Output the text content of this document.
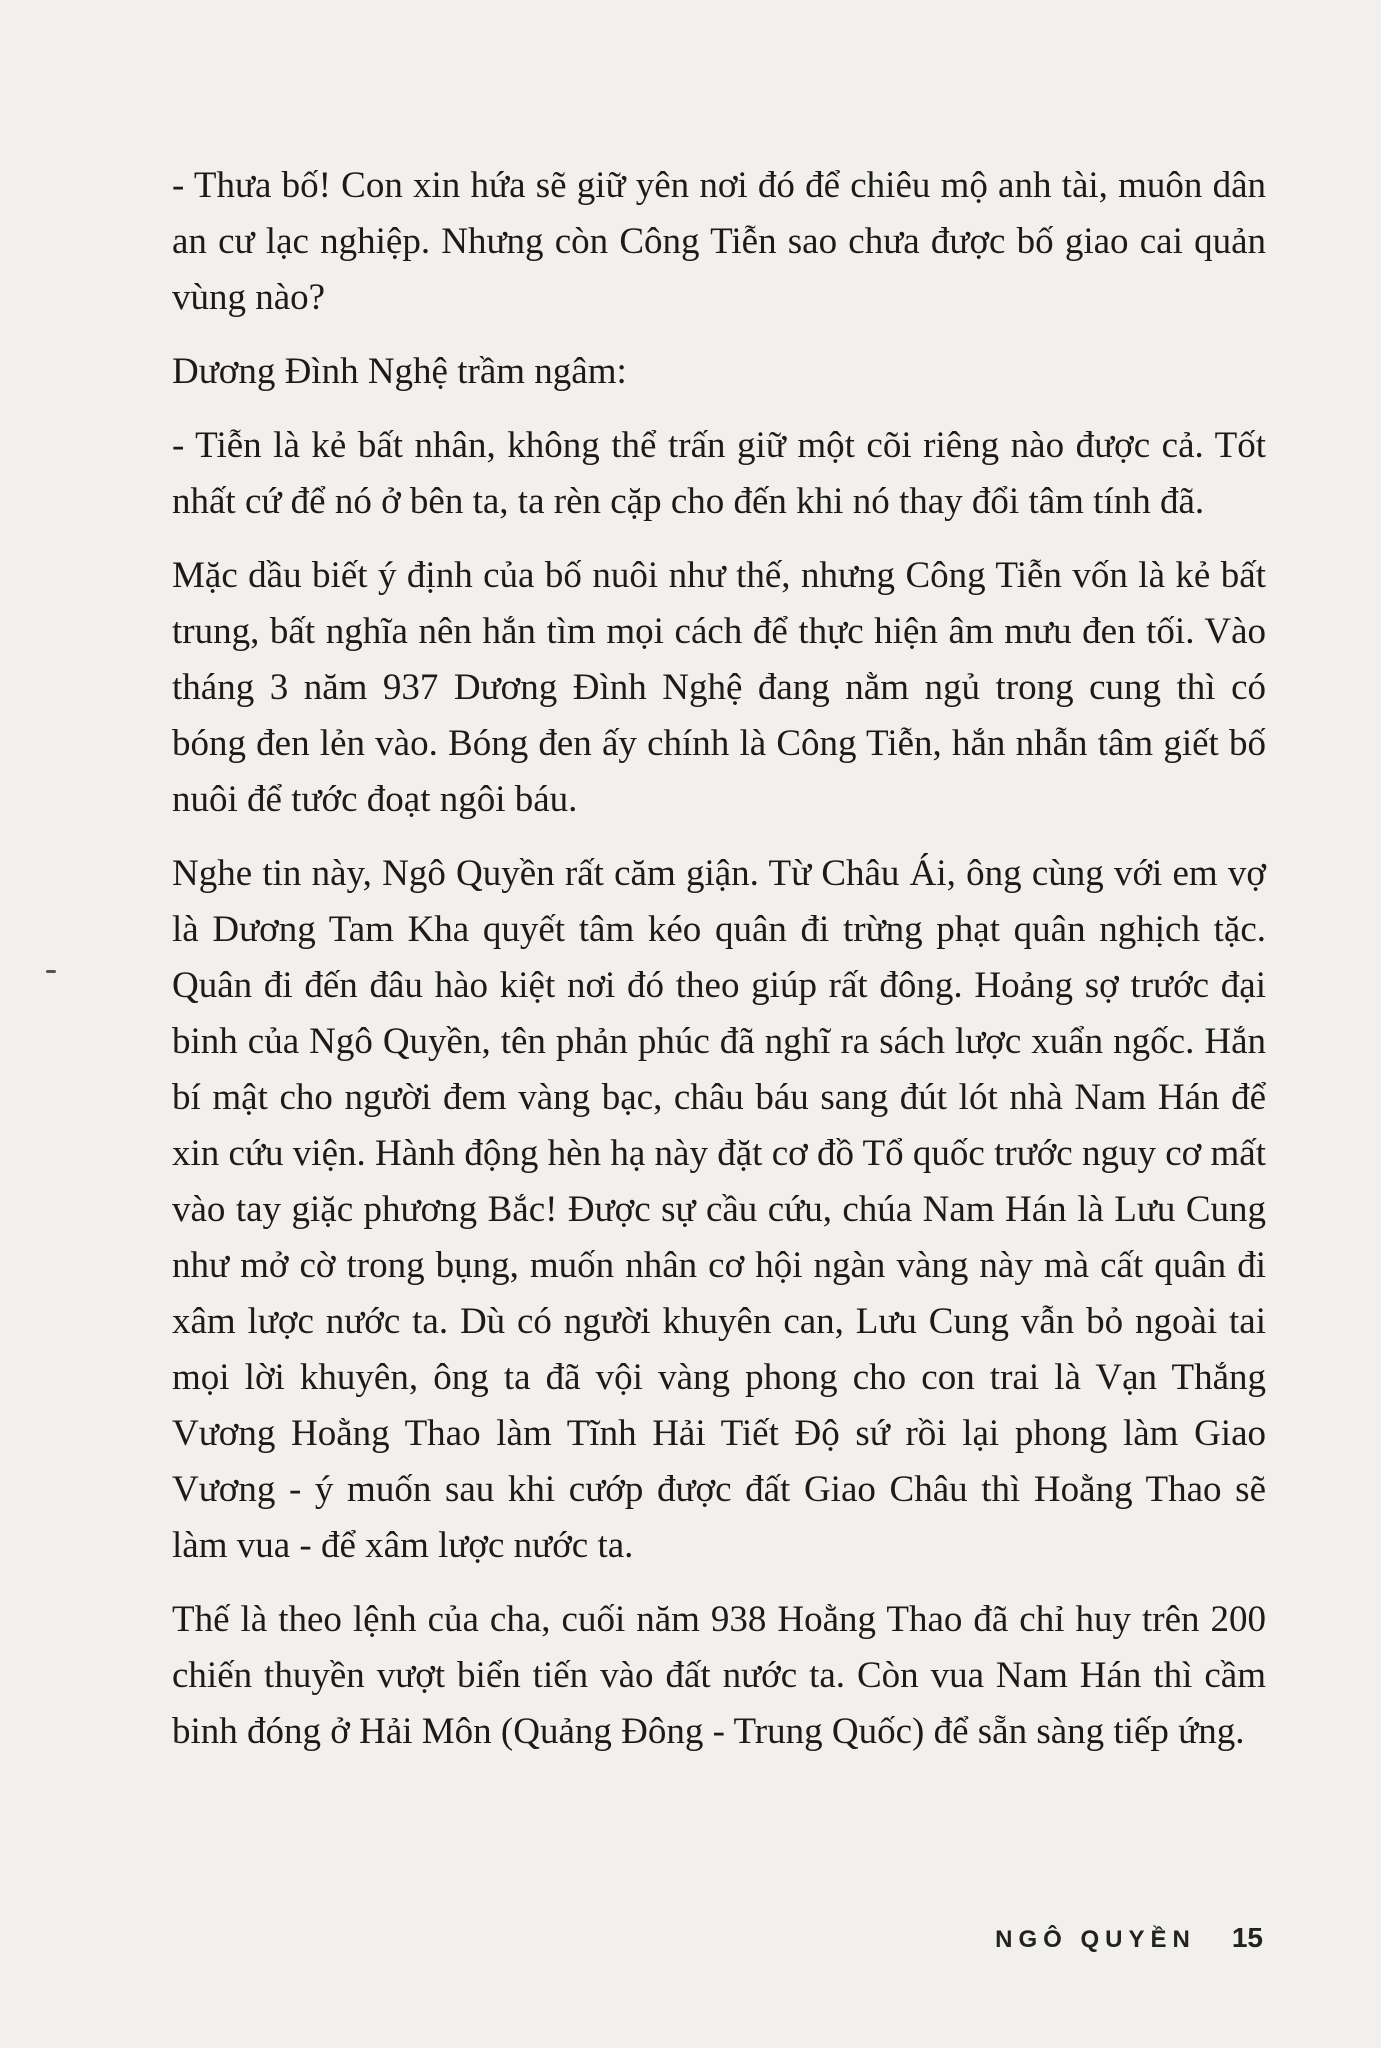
- Thưa bố! Con xin hứa sẽ giữ yên nơi đó để chiêu mộ anh tài, muôn dân an cư lạc nghiệp. Nhưng còn Công Tiễn sao chưa được bố giao cai quản vùng nào?

Dương Đình Nghệ trầm ngâm:

- Tiễn là kẻ bất nhân, không thể trấn giữ một cõi riêng nào được cả. Tốt nhất cứ để nó ở bên ta, ta rèn cặp cho đến khi nó thay đổi tâm tính đã.

Mặc dầu biết ý định của bố nuôi như thế, nhưng Công Tiễn vốn là kẻ bất trung, bất nghĩa nên hắn tìm mọi cách để thực hiện âm mưu đen tối. Vào tháng 3 năm 937 Dương Đình Nghệ đang nằm ngủ trong cung thì có bóng đen lẻn vào. Bóng đen ấy chính là Công Tiễn, hắn nhẫn tâm giết bố nuôi để tước đoạt ngôi báu.

Nghe tin này, Ngô Quyền rất căm giận. Từ Châu Ái, ông cùng với em vợ là Dương Tam Kha quyết tâm kéo quân đi trừng phạt quân nghịch tặc. Quân đi đến đâu hào kiệt nơi đó theo giúp rất đông. Hoảng sợ trước đại binh của Ngô Quyền, tên phản phúc đã nghĩ ra sách lược xuẩn ngốc. Hắn bí mật cho người đem vàng bạc, châu báu sang đút lót nhà Nam Hán để xin cứu viện. Hành động hèn hạ này đặt cơ đồ Tổ quốc trước nguy cơ mất vào tay giặc phương Bắc! Được sự cầu cứu, chúa Nam Hán là Lưu Cung như mở cờ trong bụng, muốn nhân cơ hội ngàn vàng này mà cất quân đi xâm lược nước ta. Dù có người khuyên can, Lưu Cung vẫn bỏ ngoài tai mọi lời khuyên, ông ta đã vội vàng phong cho con trai là Vạn Thắng Vương Hoằng Thao làm Tĩnh Hải Tiết Độ sứ rồi lại phong làm Giao Vương - ý muốn sau khi cướp được đất Giao Châu thì Hoằng Thao sẽ làm vua - để xâm lược nước ta.

Thế là theo lệnh của cha, cuối năm 938 Hoằng Thao đã chỉ huy trên 200 chiến thuyền vượt biển tiến vào đất nước ta. Còn vua Nam Hán thì cầm binh đóng ở Hải Môn (Quảng Đông - Trung Quốc) để sẵn sàng tiếp ứng.

NGÔ QUYỀN 15
